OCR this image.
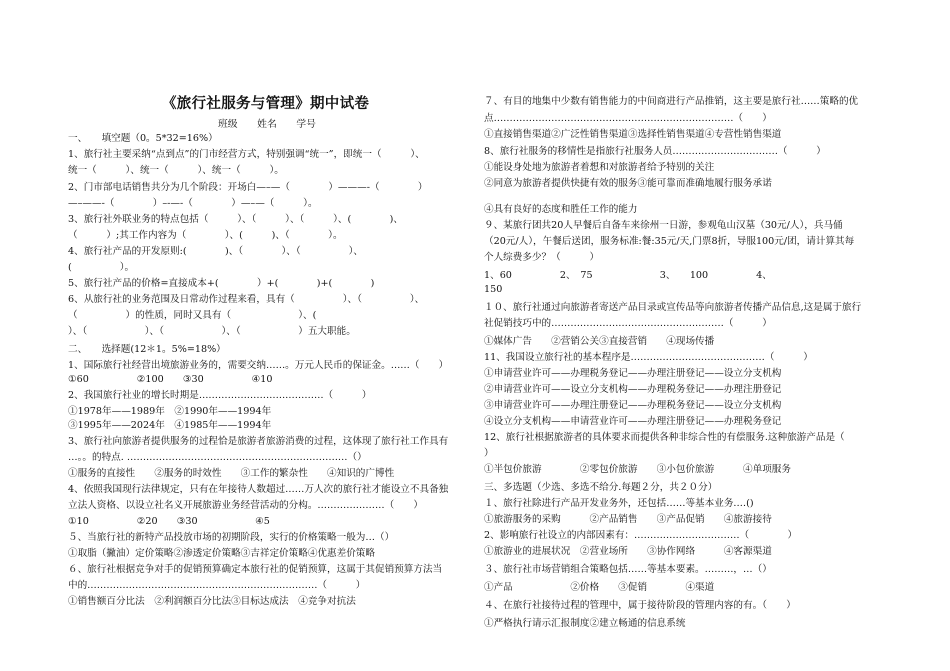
《旅行社服务与管理》期中试卷
班级　　姓名　　学号
一、　　填空题（0。5*32=16%）
1、旅行社主要采纳“点到点”的门市经营方式，特别强调“统一”，即统一（　　　）、
统一（　　　）、统一（　　　）、统一（　　　）。
2、门市部电话销售共分为几个阶段：开场白—–—（　　　　）———-（　　　　）
—–——-（　　　　）–-—-（　　　　）—–—（　　　）。
3、旅行社外联业务的特点包括（　　　）、（　　　）、（　　　）、(　　　　)、
（　　　）;其工作内容为（　　　　）、(　　　)、（　　　　）。
4、旅行社产品的开发原则:(　　　　)、（　　　　）、（　　　　　）、
(　　　　　）。
5、旅行社产品的价格=直接成本+(　　　　）+(　　　　)+(　　　　)
6、从旅行社的业务范围及日常动作过程来看，具有（　　　　　）、（　　　　　）、
（　　　　　）的性质，同时又具有（　　　　　　　）、(
）、（　　　　　　）、（　　　　　　）、（　　　　　　）五大职能。
二、　　选择题(12＊1。5%=18%）
1、国际旅行社经营出境旅游业务的，需要交纳……。万元人民币的保证金。……（　　）
①60　　　　　②100　　③30　　　　　④10
2、我国旅行社业的增长时期是…………………………………（　　　）
①1978年——1989年　②1990年——1994年
③1995年——2024年　④1985年——1994年
3、旅行社向旅游者提供服务的过程恰是旅游者旅游消费的过程，这体现了旅行社工作具有
…。。的特点. ……………………………………………………………（）
①服务的直接性　　②服务的时效性　　③工作的繁杂性　　④知识的广博性
4、依照我国现行法律规定，只有在年接待人数超过……万人次的旅行社才能设立不具备独
立法人资格、以设立社名义开展旅游业务经营活动的分构。…………………（　　）
①10　　　　　②20　　③30　　　　　　④5
５、当旅行社的新特产品投放市场的初期阶段，实行的价格策略一般为…（）
①取脂（撇油）定价策略②渗透定价策略③吉祥定价策略④优惠差价策略
６、旅行社根据竞争对手的促销预算确定本旅行社的促销预算，这属于其促销预算方法当
中的………………………………………………………………（　　　）
①销售额百分比法　②利润额百分比法③目标达成法　④竞争对抗法
７、有目的地集中少数有销售能力的中间商进行产品推销，这主要是旅行社……策略的优
点…………………………………………………………………（　　）
①直接销售渠道②广泛性销售渠道③选择性销售渠道④专营性销售渠道
8、旅行社服务的移情性是指旅行社服务人员……………………………（　　　）
①能设身处地为旅游者着想和对旅游者给予特别的关注
②同意为旅游者提供快捷有效的服务③能可靠而准确地履行服务承诺
④具有良好的态度和胜任工作的能力
９、某旅行团共20人早餐后自备车来徐州一日游，参观龟山汉墓（30元/人），兵马俑
（20元/人），午餐后送团，服务标准:餐:35元/天,门票8折，导服100元/团，请计算其每
个人综费多少？（　　　）
1、60　　　　　2、　75　　　　　　　3、　　100　　　　　4、
150
１０、旅行社通过向旅游者寄送产品目录或宣传品等向旅游者传播产品信息,这是属于旅行
社促销技巧中的………………………………………………（　　　）
①媒体广告　　②营销公关③直接营销　　④现场传播
11、我国设立旅行社的基本程序是……………………………………（　　　）
①申请营业许可——办理税务登记——办理注册登记——设立分支机构
②申请营业许可——设立分支机构——办理税务登记——办理注册登记
③申请营业许可——办理注册登记——办理税务登记——设立分支机构
④设立分支机构——申请营业许可——办理注册登记——办理税务登记
12、旅行社根据旅游者的具体要求而提供各种非综合性的有偿服务.这种旅游产品是（
）
①半包价旅游　　　　②零包价旅游　　③小包价旅游　　　④单项服务
三、多选题（少选、多选不给分.每题２分，共２０分）
１、旅行社除进行产品开发业务外，还包括……等基本业务.…()
①旅游服务的采购　　　②产品销售　　③产品促销　　④旅游接待
2、影响旅行社设立的内部因素有：……………………………（　　　　）
①旅游业的进展状况　②营业场所　　③协作网络　　　④客源渠道
３、旅行社市场营销组合策略包括……等基本要素。………，…（）
①产品　　　　　　②价格　　③促销　　　　④渠道
４、在旅行社接待过程的管理中，属于接待阶段的管理内容的有。（　　）
①严格执行请示汇报制度②建立畅通的信息系统
